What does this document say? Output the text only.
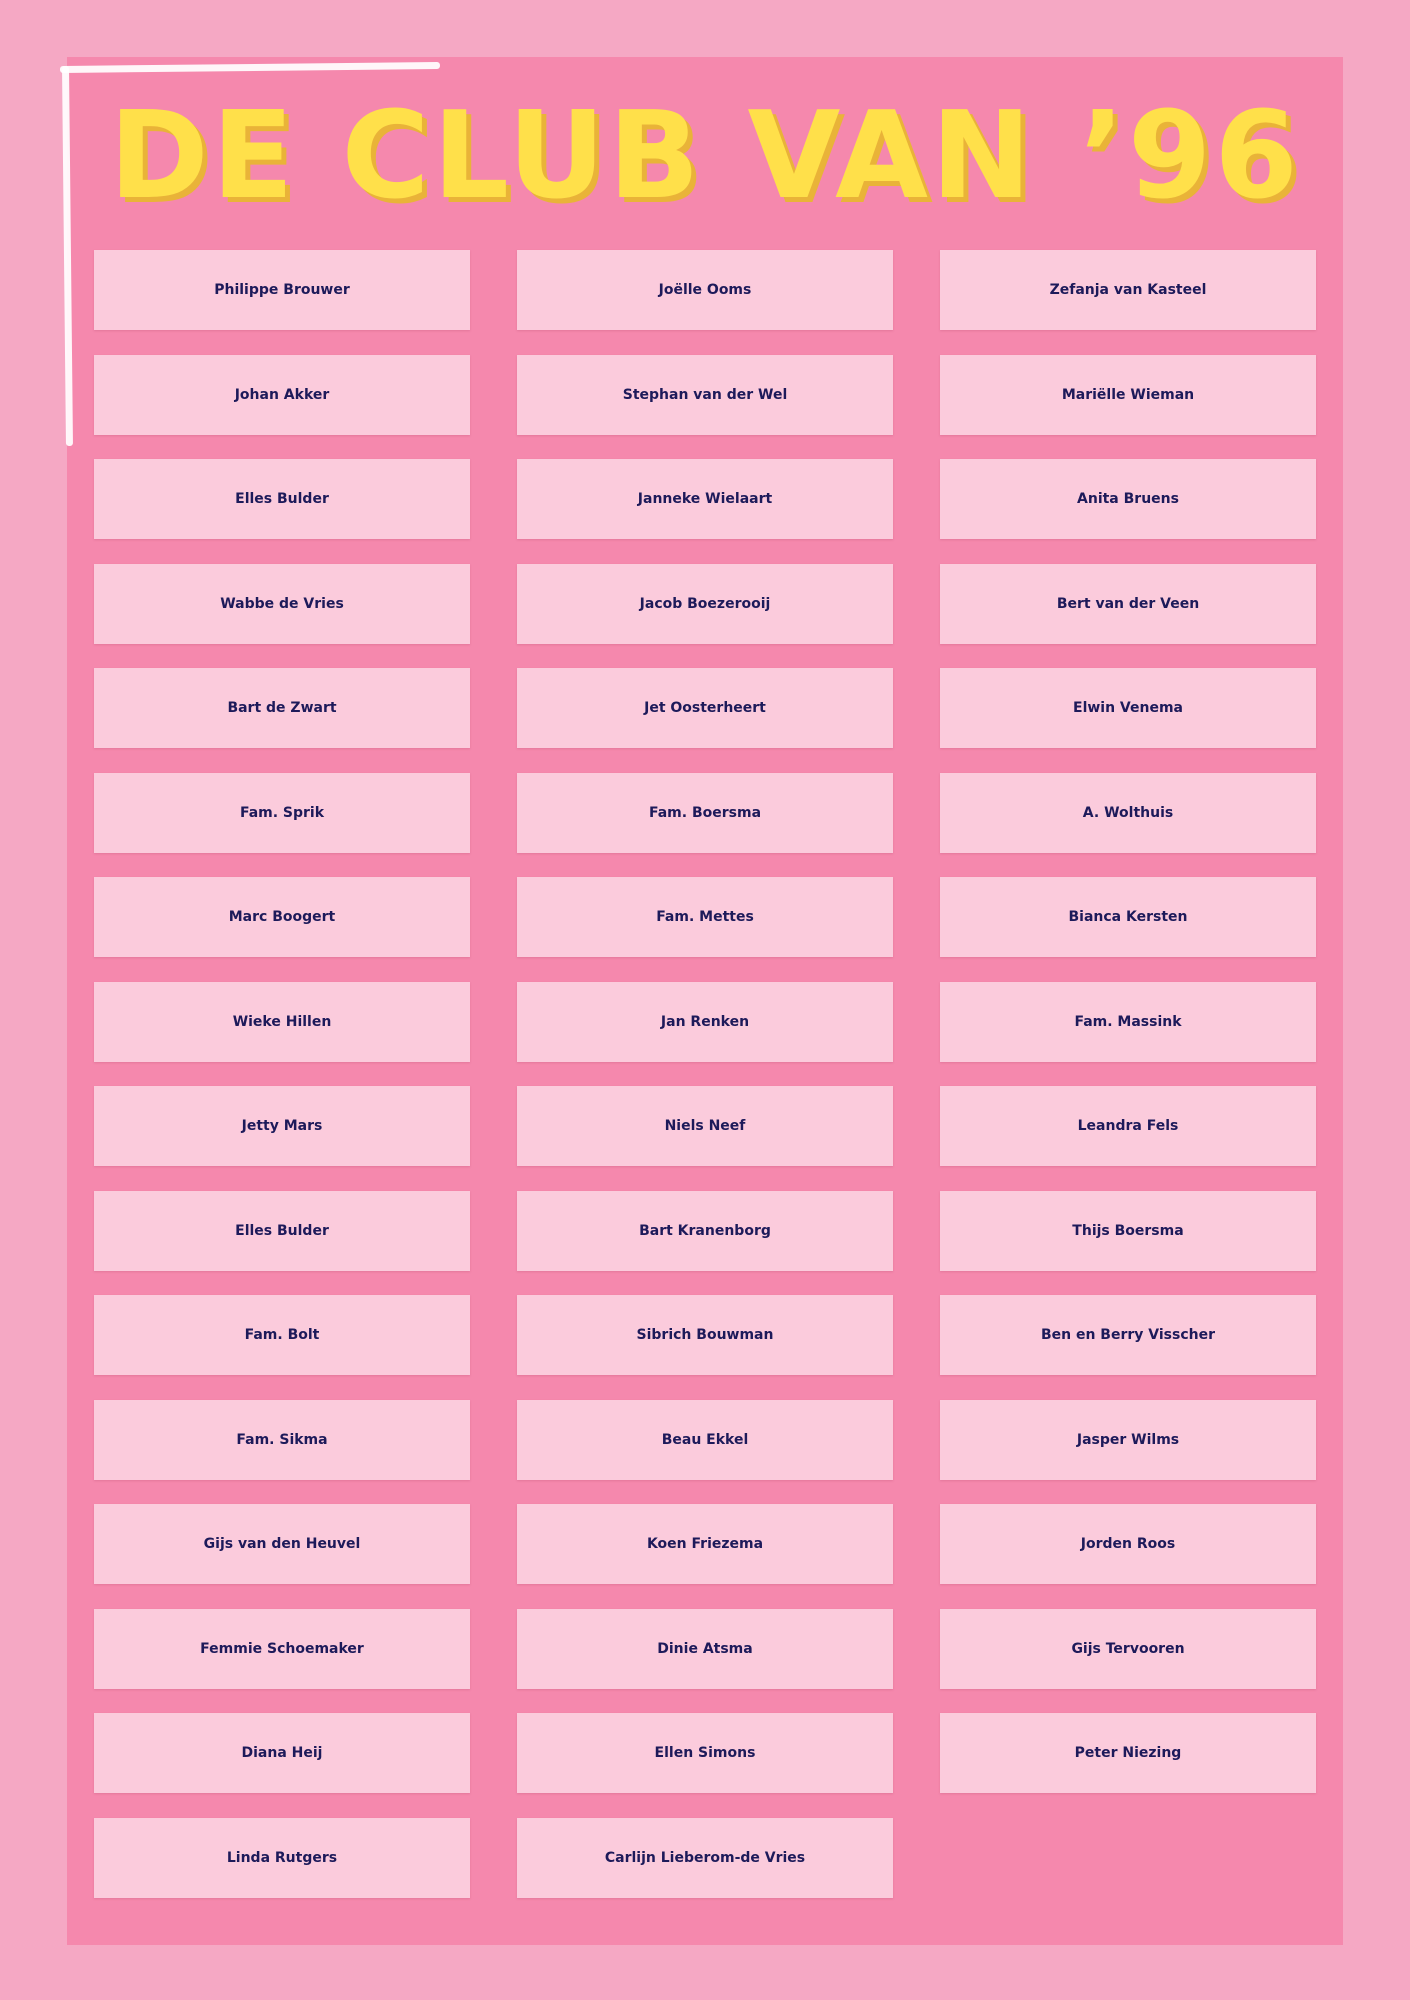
DE CLUB VAN ’96
Philippe Brouwer	Joëlle Ooms	Zefanja van Kasteel
Johan Akker	Stephan van der Wel	Mariëlle Wieman
Elles Bulder	Janneke Wielaart	Anita Bruens
Wabbe de Vries	Jacob Boezerooij	Bert van der Veen
Bart de Zwart	Jet Oosterheert	Elwin Venema
Fam. Sprik	Fam. Boersma	A. Wolthuis
Marc Boogert	Fam. Mettes	Bianca Kersten
Wieke Hillen	Jan Renken	Fam. Massink
Jetty Mars	Niels Neef	Leandra Fels
Elles Bulder	Bart Kranenborg	Thijs Boersma
Fam. Bolt	Sibrich Bouwman	Ben en Berry Visscher
Fam. Sikma	Beau Ekkel	Jasper Wilms
Gijs van den Heuvel	Koen Friezema	Jorden Roos
Femmie Schoemaker	Dinie Atsma	Gijs Tervooren
Diana Heij	Ellen Simons	Peter Niezing
Linda Rutgers	Carlijn Lieberom-de Vries
